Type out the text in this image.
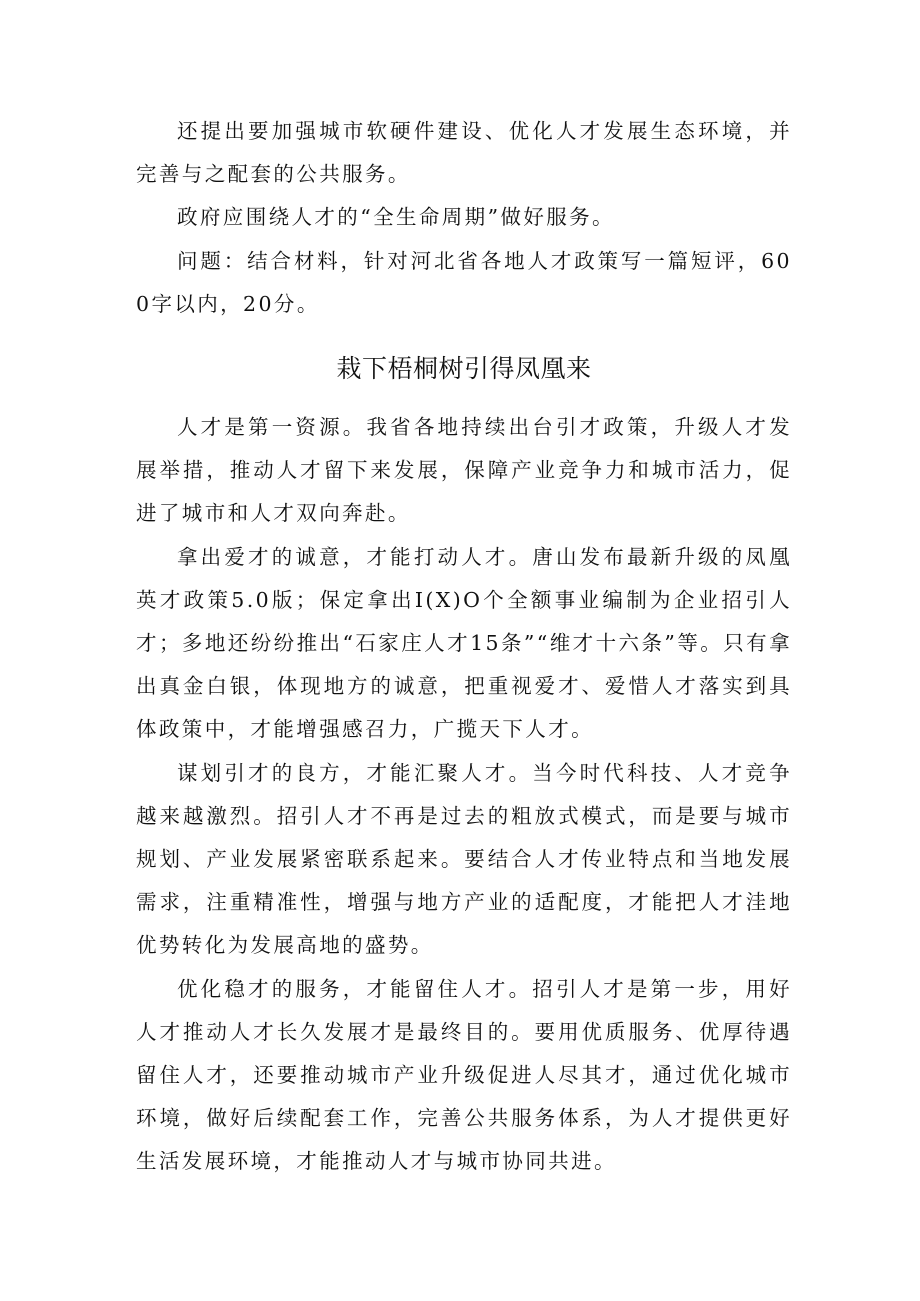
还提出要加强城市软硬件建设、优化人才发展生态环境，并完善与之配套的公共服务。

政府应围绕人才的“全生命周期”做好服务。

问题：结合材料，针对河北省各地人才政策写一篇短评，600字以内，20分。

栽下梧桐树引得凤凰来

人才是第一资源。我省各地持续出台引才政策，升级人才发展举措，推动人才留下来发展，保障产业竞争力和城市活力，促进了城市和人才双向奔赴。

拿出爱才的诚意，才能打动人才。唐山发布最新升级的凤凰英才政策5.0版；保定拿出I(X)O个全额事业编制为企业招引人才；多地还纷纷推出“石家庄人才15条”“维才十六条”等。只有拿出真金白银，体现地方的诚意，把重视爱才、爱惜人才落实到具体政策中，才能增强感召力，广揽天下人才。

谋划引才的良方，才能汇聚人才。当今时代科技、人才竞争越来越激烈。招引人才不再是过去的粗放式模式，而是要与城市规划、产业发展紧密联系起来。要结合人才传业特点和当地发展需求，注重精准性，增强与地方产业的适配度，才能把人才洼地优势转化为发展高地的盛势。

优化稳才的服务，才能留住人才。招引人才是第一步，用好人才推动人才长久发展才是最终目的。要用优质服务、优厚待遇留住人才，还要推动城市产业升级促进人尽其才，通过优化城市环境，做好后续配套工作，完善公共服务体系，为人才提供更好生活发展环境，才能推动人才与城市协同共进。
